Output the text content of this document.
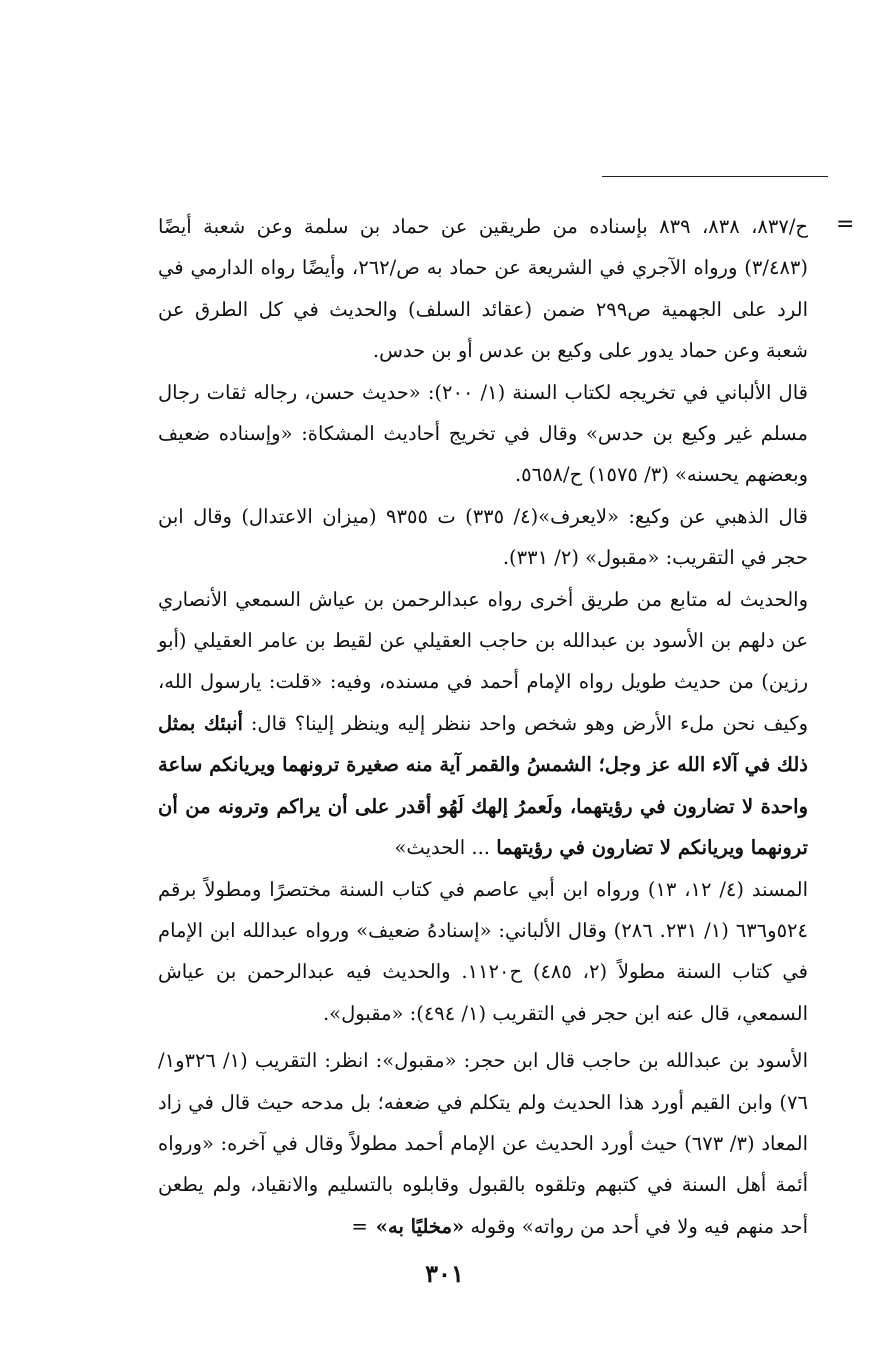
=

ح/٨٣٧، ٨٣٨، ٨٣٩ بإسناده من طريقين عن حماد بن سلمة وعن شعبة أيضًا (٣/٤٨٣) ورواه الآجري في الشريعة عن حماد به ص/٢٦٢، وأيضًا رواه الدارمي في الرد على الجهمية ص٢٩٩ ضمن (عقائد السلف) والحديث في كل الطرق عن شعبة وعن حماد يدور على وكيع بن عدس أو بن حدس.

قال الألباني في تخريجه لكتاب السنة (١/ ٢٠٠): «حديث حسن، رجاله ثقات رجال مسلم غير وكيع بن حدس» وقال في تخريج أحاديث المشكاة: «وإسناده ضعيف وبعضهم يحسنه» (٣/ ١٥٧٥) ح/٥٦٥٨.

قال الذهبي عن وكيع: «لايعرف»(٤/ ٣٣٥) ت ٩٣٥٥ (ميزان الاعتدال) وقال ابن حجر في التقريب: «مقبول» (٢/ ٣٣١).

والحديث له متابع من طريق أخرى رواه عبدالرحمن بن عياش السمعي الأنصاري عن دلهم بن الأسود بن عبدالله بن حاجب العقيلي عن لقيط بن عامر العقيلي (أبو رزين) من حديث طويل رواه الإمام أحمد في مسنده، وفيه: «قلت: يارسول الله، وكيف نحن ملء الأرض وهو شخص واحد ننظر إليه وينظر إلينا؟ قال: أنبئك بمثل ذلك في آلاء الله عز وجل؛ الشمسُ والقمر آية منه صغيرة ترونهما ويريانكم ساعة واحدة لا تضارون في رؤيتهما، ولَعمرُ إلهك لَهُو أقدر على أن يراكم وترونه من أن ترونهما ويريانكم لا تضارون في رؤيتهما ... الحديث»

المسند (٤/ ١٢، ١٣) ورواه ابن أبي عاصم في كتاب السنة مختصرًا ومطولاً برقم ٥٢٤و٦٣٦ (١/ ٢٣١. ٢٨٦) وقال الألباني: «إسنادهُ ضعيف» ورواه عبدالله ابن الإمام في كتاب السنة مطولاً (٢، ٤٨٥) ح١١٢٠. والحديث فيه عبدالرحمن بن عياش السمعي، قال عنه ابن حجر في التقريب (١/ ٤٩٤): «مقبول».

الأسود بن عبدالله بن حاجب قال ابن حجر: «مقبول»: انظر: التقريب (١/ ٣٢٦و١/ ٧٦) وابن القيم أورد هذا الحديث ولم يتكلم في ضعفه؛ بل مدحه حيث قال في زاد المعاد (٣/ ٦٧٣) حيث أورد الحديث عن الإمام أحمد مطولاً وقال في آخره: «ورواه أئمة أهل السنة في كتبهم وتلقوه بالقبول وقابلوه بالتسليم والانقياد، ولم يطعن أحد منهم فيه ولا في أحد من رواته» وقوله «مخليًا به»=

٣٠١
